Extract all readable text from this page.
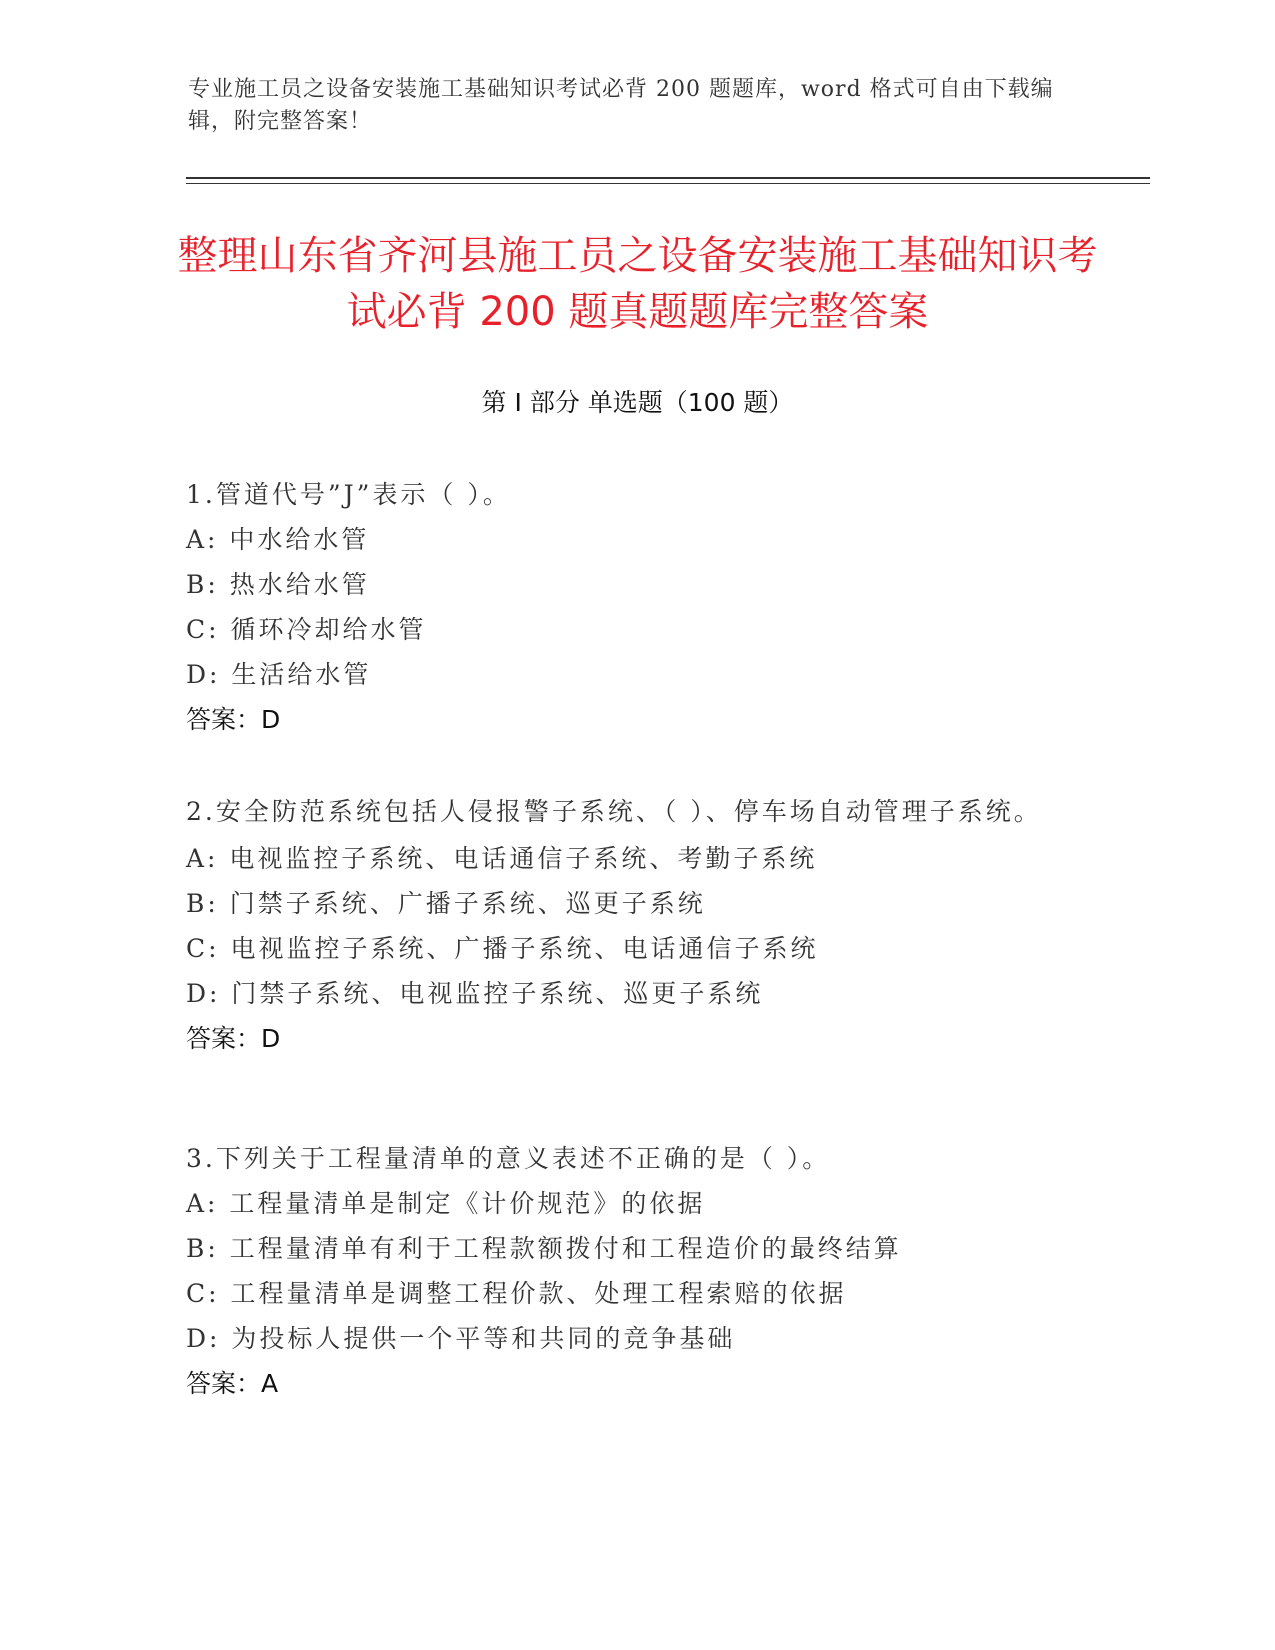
专业施工员之设备安装施工基础知识考试必背 200 题题库，word 格式可自由下载编辑，附完整答案！
整理山东省齐河县施工员之设备安装施工基础知识考试必背 200 题真题题库完整答案
第 I 部分 单选题（100 题）
1.管道代号”J”表示（ ）。
A: 中水给水管
B: 热水给水管
C: 循环冷却给水管
D: 生活给水管
答案：D
2.安全防范系统包括人侵报警子系统、（ ）、停车场自动管理子系统。
A: 电视监控子系统、电话通信子系统、考勤子系统
B: 门禁子系统、广播子系统、巡更子系统
C: 电视监控子系统、广播子系统、电话通信子系统
D: 门禁子系统、电视监控子系统、巡更子系统
答案：D
3.下列关于工程量清单的意义表述不正确的是（ ）。
A: 工程量清单是制定《计价规范》的依据
B: 工程量清单有利于工程款额拨付和工程造价的最终结算
C: 工程量清单是调整工程价款、处理工程索赔的依据
D: 为投标人提供一个平等和共同的竞争基础
答案：A
